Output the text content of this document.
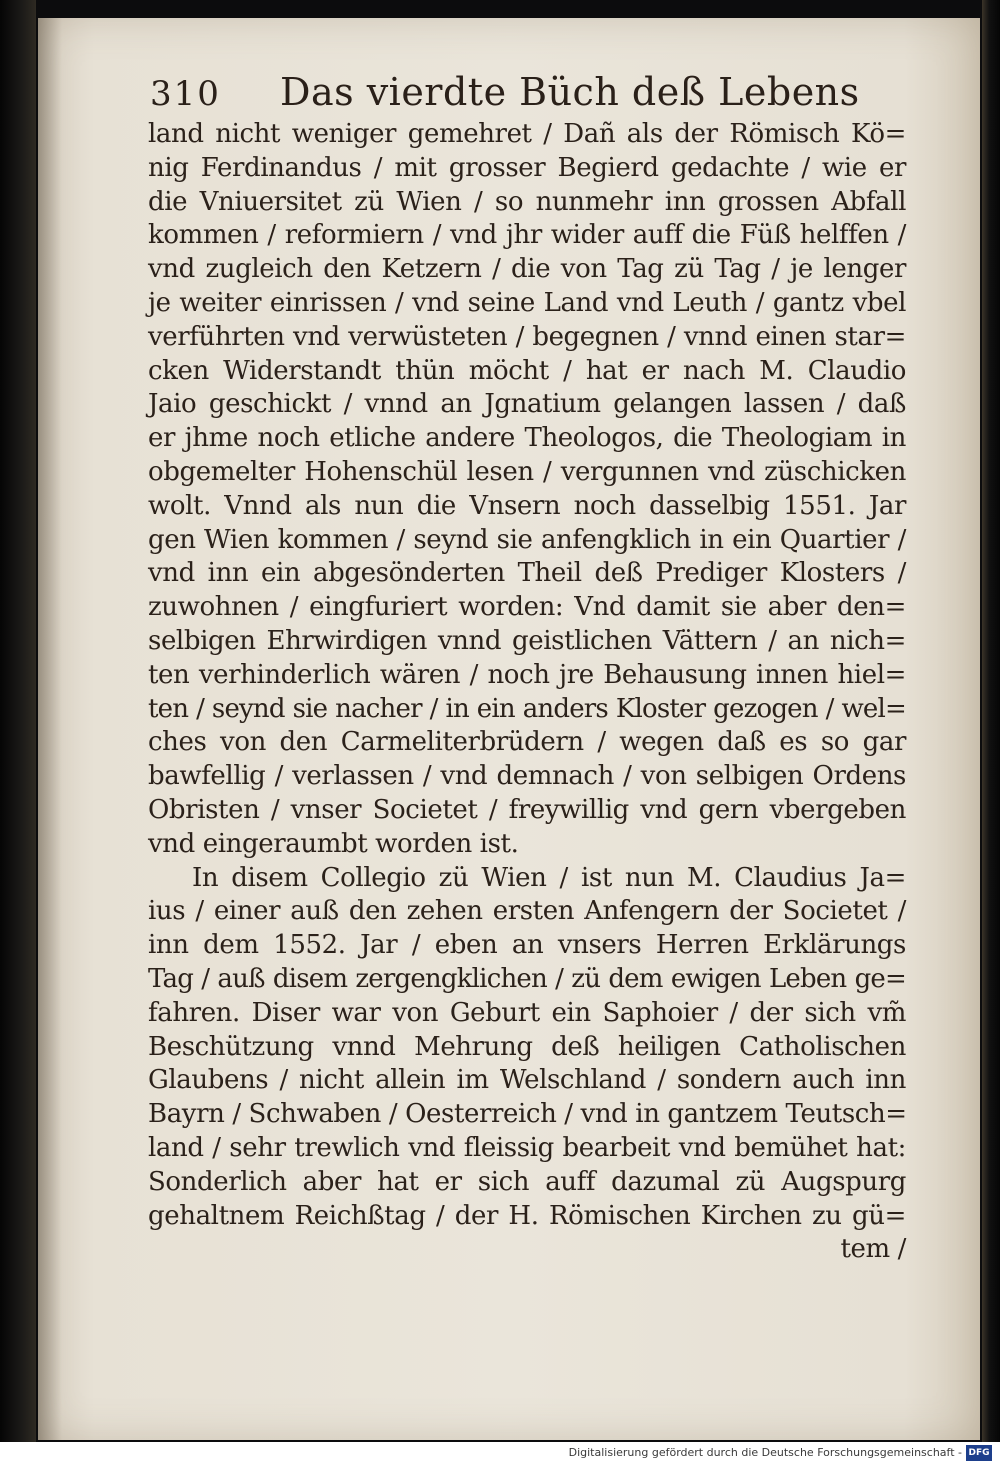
310 Das vierdte Büch deß Lebens
land nicht weniger gemehret / Dañ als der Römisch Kö=
nig Ferdinandus / mit grosser Begierd gedachte / wie er
die Vniuersitet zü Wien / so nunmehr inn grossen Abfall
kommen / reformiern / vnd jhr wider auff die Füß helffen /
vnd zugleich den Ketzern / die von Tag zü Tag / je lenger
je weiter einrissen / vnd seine Land vnd Leuth / gantz vbel
verführten vnd verwüsteten / begegnen / vnnd einen star=
cken Widerstandt thün möcht / hat er nach M. Claudio
Jaio geschickt / vnnd an Jgnatium gelangen lassen / daß
er jhme noch etliche andere Theologos, die Theologiam in
obgemelter Hohenschül lesen / vergunnen vnd züschicken
wolt. Vnnd als nun die Vnsern noch dasselbig 1551. Jar
gen Wien kommen / seynd sie anfengklich in ein Quartier /
vnd inn ein abgesönderten Theil deß Prediger Klosters /
zuwohnen / eingfuriert worden: Vnd damit sie aber den=
selbigen Ehrwirdigen vnnd geistlichen Vättern / an nich=
ten verhinderlich wären / noch jre Behausung innen hiel=
ten / seynd sie nacher / in ein anders Kloster gezogen / wel=
ches von den Carmeliterbrüdern / wegen daß es so gar
bawfellig / verlassen / vnd demnach / von selbigen Ordens
Obristen / vnser Societet / freywillig vnd gern vbergeben
vnd eingeraumbt worden ist.
In disem Collegio zü Wien / ist nun M. Claudius Ja=
ius / einer auß den zehen ersten Anfengern der Societet /
inn dem 1552. Jar / eben an vnsers Herren Erklärungs
Tag / auß disem zergengklichen / zü dem ewigen Leben ge=
fahren. Diser war von Geburt ein Saphoier / der sich vm̃
Beschützung vnnd Mehrung deß heiligen Catholischen
Glaubens / nicht allein im Welschland / sondern auch inn
Bayrn / Schwaben / Oesterreich / vnd in gantzem Teutsch=
land / sehr trewlich vnd fleissig bearbeit vnd bemühet hat:
Sonderlich aber hat er sich auff dazumal zü Augspurg
gehaltnem Reichßtag / der H. Römischen Kirchen zu gü=
tem /
Digitalisierung gefördert durch die Deutsche Forschungsgemeinschaft - DFG
